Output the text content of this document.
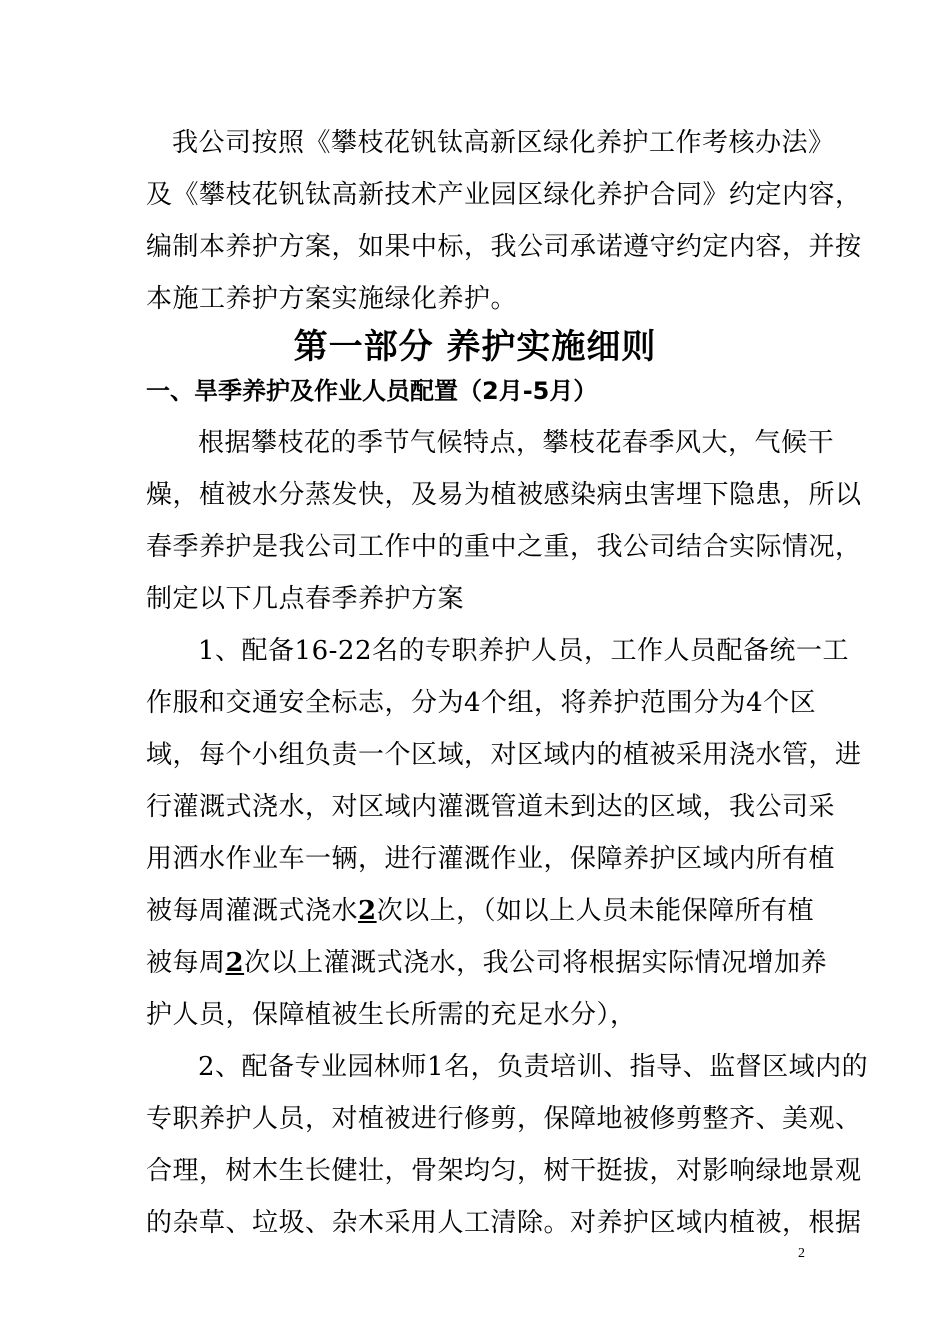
我公司按照《攀枝花钒钛高新区绿化养护工作考核办法》
及《攀枝花钒钛高新技术产业园区绿化养护合同》约定内容，
编制本养护方案，如果中标，我公司承诺遵守约定内容，并按
本施工养护方案实施绿化养护。
第一部分 养护实施细则
一、旱季养护及作业人员配置（2月-5月）
根据攀枝花的季节气候特点，攀枝花春季风大，气候干
燥，植被水分蒸发快，及易为植被感染病虫害埋下隐患，所以
春季养护是我公司工作中的重中之重，我公司结合实际情况，
制定以下几点春季养护方案
1、配备16-22名的专职养护人员，工作人员配备统一工
作服和交通安全标志，分为4个组，将养护范围分为4个区
域，每个小组负责一个区域，对区域内的植被采用浇水管，进
行灌溉式浇水，对区域内灌溉管道未到达的区域，我公司采
用洒水作业车一辆，进行灌溉作业，保障养护区域内所有植
被每周灌溉式浇水2次以上，（如以上人员未能保障所有植
被每周2次以上灌溉式浇水，我公司将根据实际情况增加养
护人员，保障植被生长所需的充足水分），
2、配备专业园林师1名，负责培训、指导、监督区域内的
专职养护人员，对植被进行修剪，保障地被修剪整齐、美观、
合理，树木生长健壮，骨架均匀，树干挺拔，对影响绿地景观
的杂草、垃圾、杂木采用人工清除。对养护区域内植被，根据
2
